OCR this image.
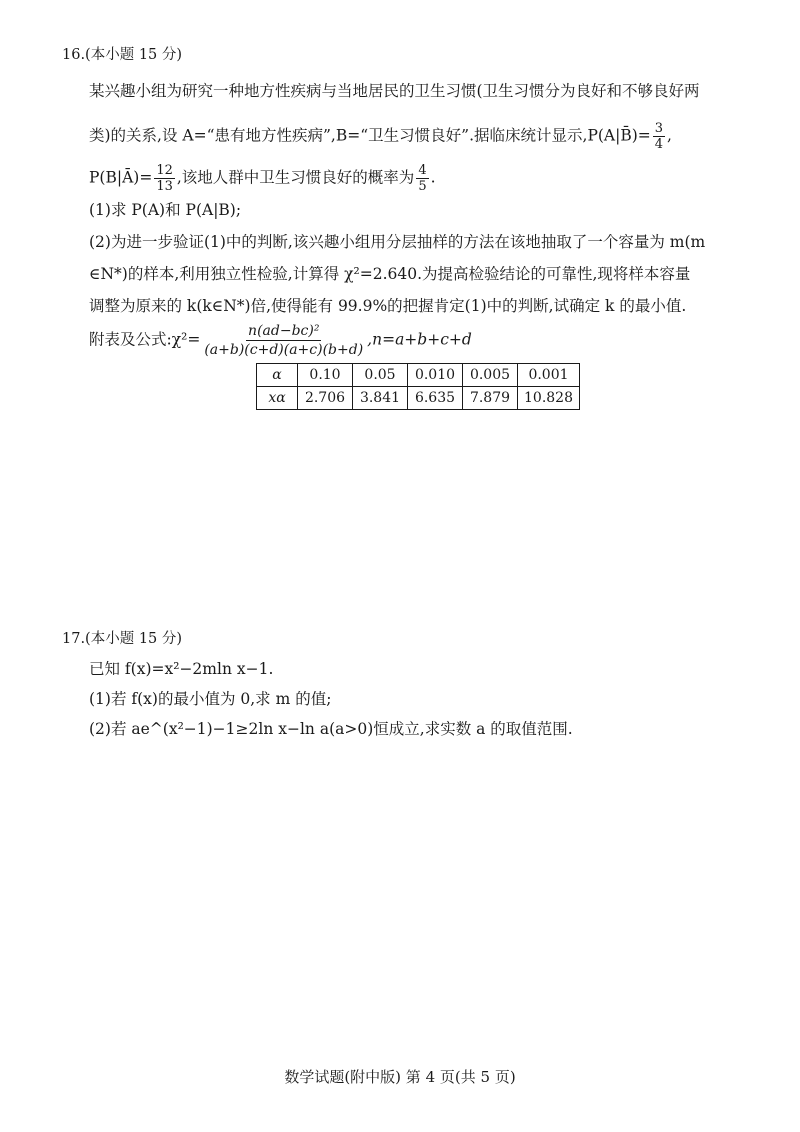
16.(本小题 15 分)
某兴趣小组为研究一种地方性疾病与当地居民的卫生习惯(卫生习惯分为良好和不够良好两
类)的关系,设 A=“患有地方性疾病”,B=“卫生习惯良好”.据临床统计显示,P(A|B̄)= $\frac{3}{4}$ ,
P(B|Ā)= $\frac{12}{13}$ ,该地人群中卫生习惯良好的概率为 $\frac{4}{5}$ .
(1)求 P(A)和 P(A|B);
(2)为进一步验证(1)中的判断,该兴趣小组用分层抽样的方法在该地抽取了一个容量为 m(m
∈N*)的样本,利用独立性检验,计算得 χ²=2.640.为提高检验结论的可靠性,现将样本容量
调整为原来的 k(k∈N*)倍,使得能有 99.9%的把握肯定(1)中的判断,试确定 k 的最小值.
附表及公式:χ²= $\frac{\text{n(ad−bc)²}}{(a+b)(c+d)(a+c)(b+d)} ,n=a+b+c+d$
α	0.10	0.05	0.010	0.005	0.001
xα	2.706	3.841	6.635	7.879	10.828
17.(本小题 15 分)
已知 f(x)=x²−2mln x−1.
(1)若 f(x)的最小值为 0,求 m 的值;
(2)若 ae^(x²−1)−1≥2ln x−ln a(a>0)恒成立,求实数 a 的取值范围.
数学试题(附中版) 第 4 页(共 5 页)
